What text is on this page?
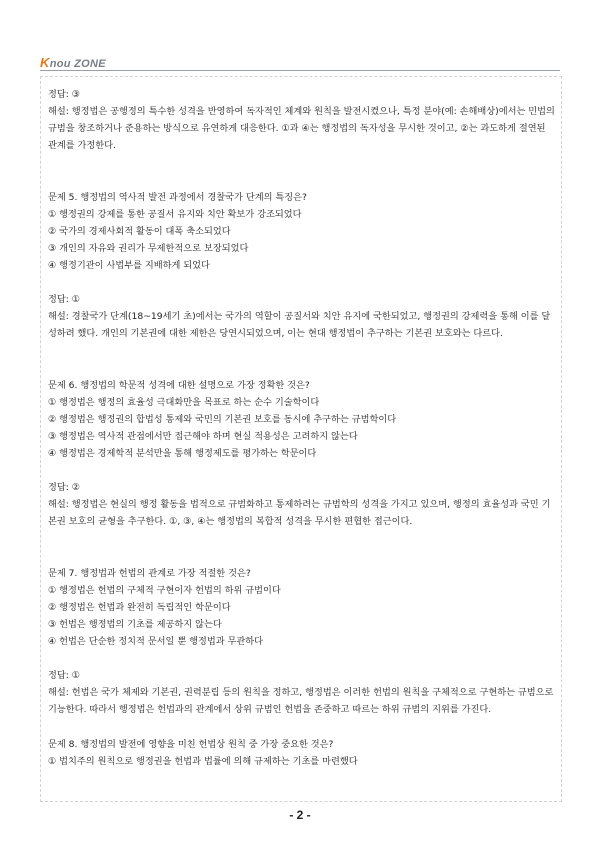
Knou ZONE

정답: ③

해설: 행정법은 공행정의 특수한 성격을 반영하여 독자적인 체계와 원칙을 발전시켰으나, 특정 분야(예: 손해배상)에서는 민법의 규범을 창조하거나 준용하는 방식으로 유연하게 대응한다. ①과 ④는 행정법의 독자성을 무시한 것이고, ②는 과도하게 절연된 관계를 가정한다.

문제 5. 행정법의 역사적 발전 과정에서 경찰국가 단계의 특징은?

① 행정권의 강제를 통한 공질서 유지와 치안 확보가 강조되었다

② 국가의 경제사회적 활동이 대폭 축소되었다

③ 개인의 자유와 권리가 무제한적으로 보장되었다

④ 행정기관이 사법부를 지배하게 되었다

정답: ①

해설: 경찰국가 단계(18~19세기 초)에서는 국가의 역할이 공질서와 치안 유지에 국한되었고, 행정권의 강제력을 통해 이를 달성하려 했다. 개인의 기본권에 대한 제한은 당연시되었으며, 이는 현대 행정법이 추구하는 기본권 보호와는 다르다.

문제 6. 행정법의 학문적 성격에 대한 설명으로 가장 정확한 것은?

① 행정법은 행정의 효율성 극대화만을 목표로 하는 순수 기술학이다

② 행정법은 행정권의 합법성 통제와 국민의 기본권 보호를 동시에 추구하는 규범학이다

③ 행정법은 역사적 관점에서만 접근해야 하며 현실 적용성은 고려하지 않는다

④ 행정법은 경제학적 분석만을 통해 행정제도를 평가하는 학문이다

정답: ②

해설: 행정법은 현실의 행정 활동을 법적으로 규범화하고 통제하려는 규범학의 성격을 가지고 있으며, 행정의 효율성과 국민 기본권 보호의 균형을 추구한다. ①, ③, ④는 행정법의 복합적 성격을 무시한 편협한 접근이다.

문제 7. 행정법과 헌법의 관계로 가장 적절한 것은?

① 행정법은 헌법의 구체적 구현이자 헌법의 하위 규범이다

② 행정법은 헌법과 완전히 독립적인 학문이다

③ 헌법은 행정법의 기초를 제공하지 않는다

④ 헌법은 단순한 정치적 문서일 뿐 행정법과 무관하다

정답: ①

해설: 헌법은 국가 체제와 기본권, 권력분립 등의 원칙을 정하고, 행정법은 이러한 헌법의 원칙을 구체적으로 구현하는 규범으로 기능한다. 따라서 행정법은 헌법과의 관계에서 상위 규범인 헌법을 존중하고 따르는 하위 규범의 지위를 가진다.

문제 8. 행정법의 발전에 영향을 미친 헌법상 원칙 중 가장 중요한 것은?

① 법치주의 원칙으로 행정권을 헌법과 법률에 의해 규제하는 기초를 마련했다

- 2 -
